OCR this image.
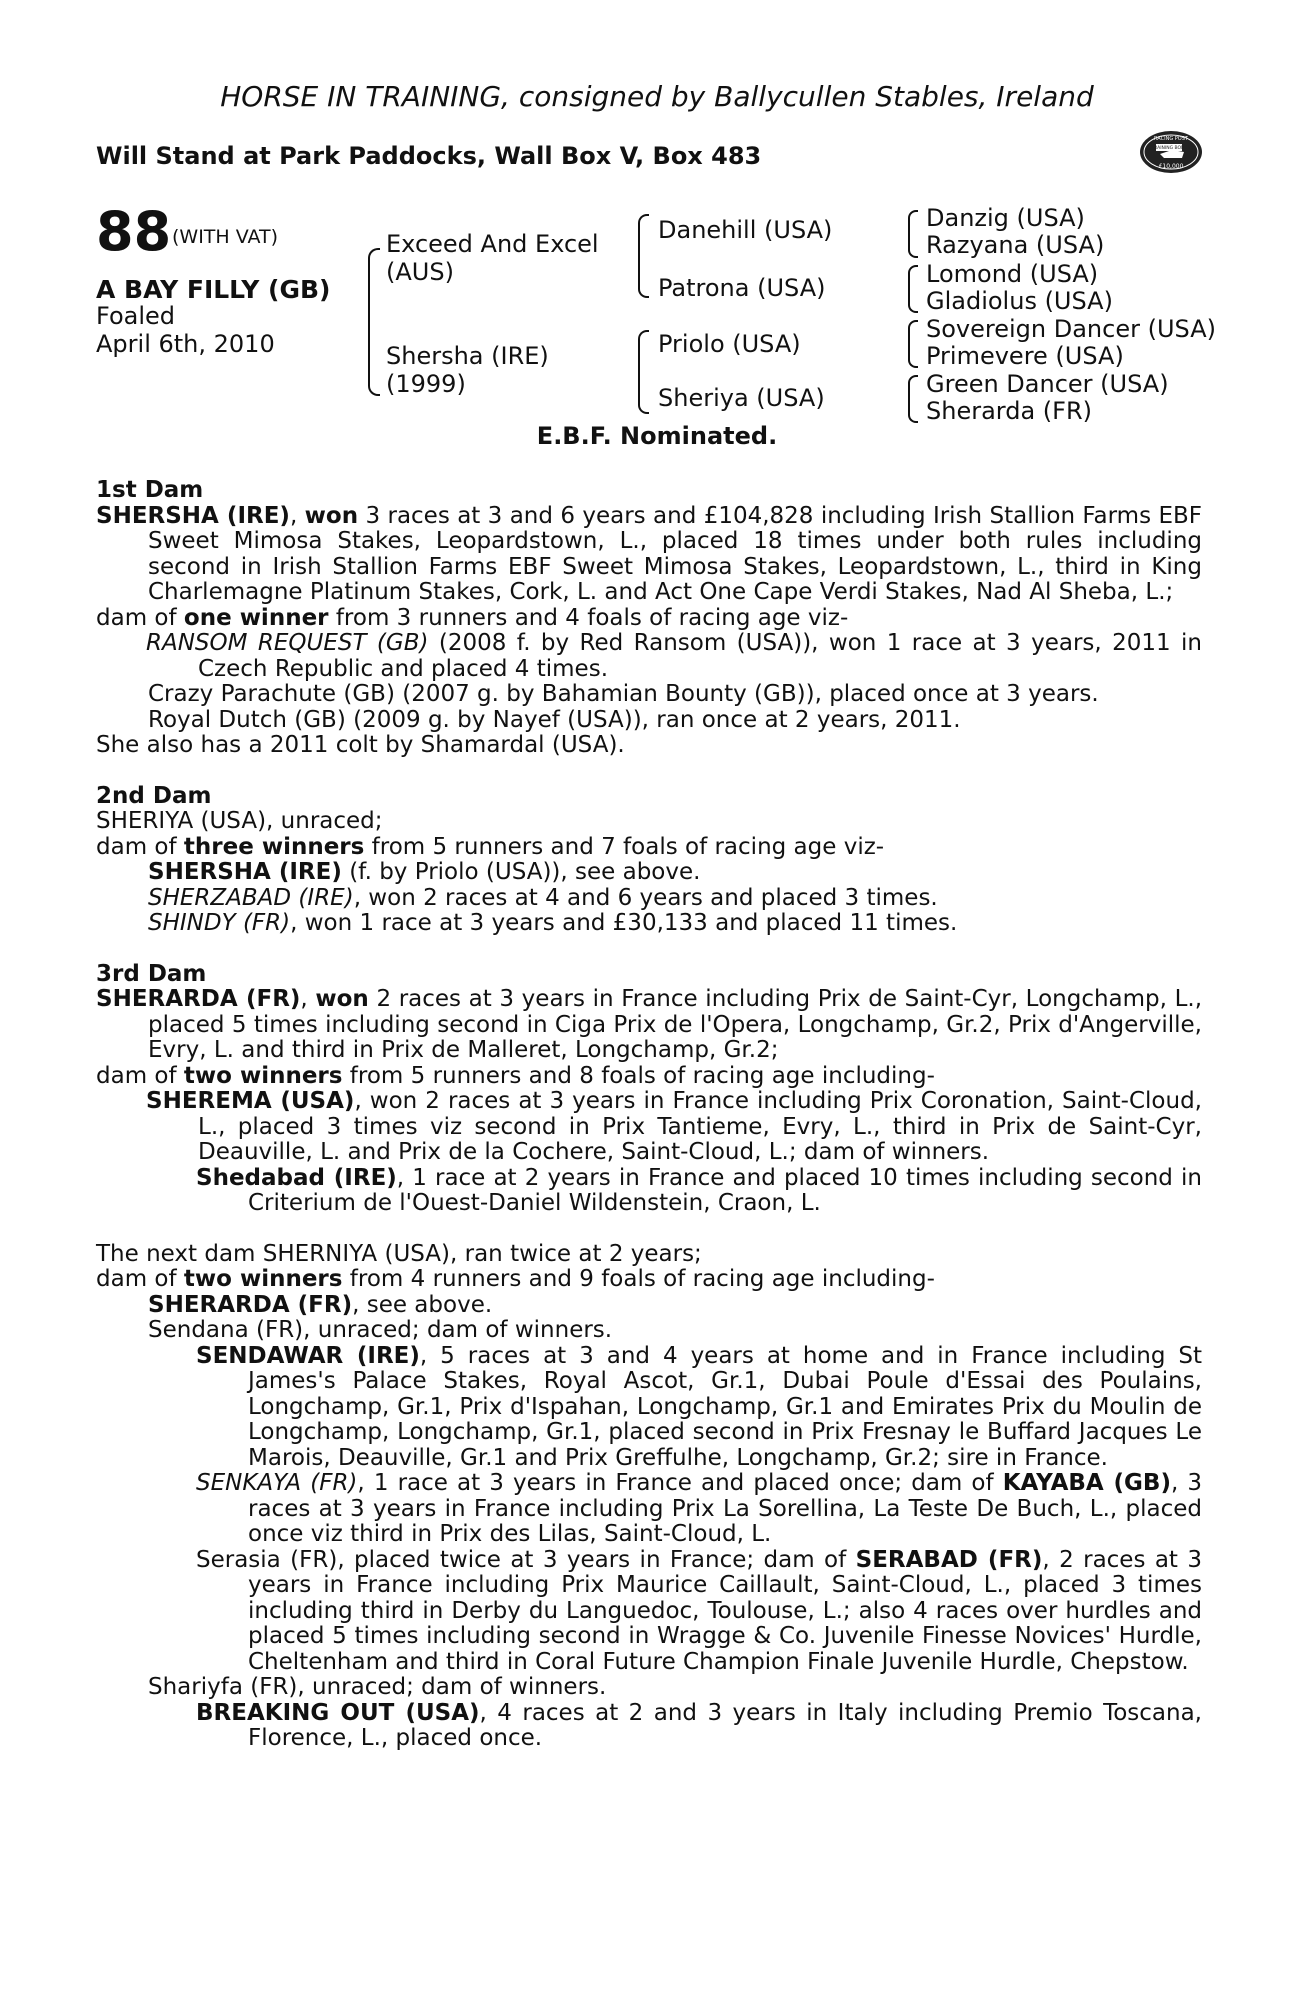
HORSE IN TRAINING, consigned by Ballycullen Stables, Ireland
Will Stand at Park Paddocks, Wall Box V, Box 483
RACING POST
TRAINING BONUS
£10,000
88 (WITH VAT)
A BAY FILLY (GB)
Foaled
April 6th, 2010
Exceed And Excel
(AUS)
Shersha (IRE)
(1999)
Danehill (USA)
Patrona (USA)
Priolo (USA)
Sheriya (USA)
Danzig (USA)
Razyana (USA)
Lomond (USA)
Gladiolus (USA)
Sovereign Dancer (USA)
Primevere (USA)
Green Dancer (USA)
Sherarda (FR)
E.B.F. Nominated.

1st Dam

SHERSHA (IRE), won 3 races at 3 and 6 years and £104,828 including Irish Stallion Farms EBF Sweet Mimosa Stakes, Leopardstown, L., placed 18 times under both rules including second in Irish Stallion Farms EBF Sweet Mimosa Stakes, Leopardstown, L., third in King Charlemagne Platinum Stakes, Cork, L. and Act One Cape Verdi Stakes, Nad Al Sheba, L.;

dam of one winner from 3 runners and 4 foals of racing age viz-

RANSOM REQUEST (GB) (2008 f. by Red Ransom (USA)), won 1 race at 3 years, 2011 in Czech Republic and placed 4 times.

Crazy Parachute (GB) (2007 g. by Bahamian Bounty (GB)), placed once at 3 years.

Royal Dutch (GB) (2009 g. by Nayef (USA)), ran once at 2 years, 2011.

She also has a 2011 colt by Shamardal (USA).

2nd Dam

SHERIYA (USA), unraced;

dam of three winners from 5 runners and 7 foals of racing age viz-

SHERSHA (IRE) (f. by Priolo (USA)), see above.

SHERZABAD (IRE), won 2 races at 4 and 6 years and placed 3 times.

SHINDY (FR), won 1 race at 3 years and £30,133 and placed 11 times.

3rd Dam

SHERARDA (FR), won 2 races at 3 years in France including Prix de Saint-Cyr, Longchamp, L., placed 5 times including second in Ciga Prix de l'Opera, Longchamp, Gr.2, Prix d'Angerville, Evry, L. and third in Prix de Malleret, Longchamp, Gr.2;

dam of two winners from 5 runners and 8 foals of racing age including-

SHEREMA (USA), won 2 races at 3 years in France including Prix Coronation, Saint-Cloud, L., placed 3 times viz second in Prix Tantieme, Evry, L., third in Prix de Saint-Cyr, Deauville, L. and Prix de la Cochere, Saint-Cloud, L.; dam of winners.

Shedabad (IRE), 1 race at 2 years in France and placed 10 times including second in Criterium de l'Ouest-Daniel Wildenstein, Craon, L.

The next dam SHERNIYA (USA), ran twice at 2 years;

dam of two winners from 4 runners and 9 foals of racing age including-

SHERARDA (FR), see above.

Sendana (FR), unraced; dam of winners.

SENDAWAR (IRE), 5 races at 3 and 4 years at home and in France including St James's Palace Stakes, Royal Ascot, Gr.1, Dubai Poule d'Essai des Poulains, Longchamp, Gr.1, Prix d'Ispahan, Longchamp, Gr.1 and Emirates Prix du Moulin de Longchamp, Longchamp, Gr.1, placed second in Prix Fresnay le Buffard Jacques Le Marois, Deauville, Gr.1 and Prix Greffulhe, Longchamp, Gr.2; sire in France.

SENKAYA (FR), 1 race at 3 years in France and placed once; dam of KAYABA (GB), 3 races at 3 years in France including Prix La Sorellina, La Teste De Buch, L., placed once viz third in Prix des Lilas, Saint-Cloud, L.

Serasia (FR), placed twice at 3 years in France; dam of SERABAD (FR), 2 races at 3 years in France including Prix Maurice Caillault, Saint-Cloud, L., placed 3 times including third in Derby du Languedoc, Toulouse, L.; also 4 races over hurdles and placed 5 times including second in Wragge & Co. Juvenile Finesse Novices' Hurdle, Cheltenham and third in Coral Future Champion Finale Juvenile Hurdle, Chepstow.

Shariyfa (FR), unraced; dam of winners.

BREAKING OUT (USA), 4 races at 2 and 3 years in Italy including Premio Toscana, Florence, L., placed once.
